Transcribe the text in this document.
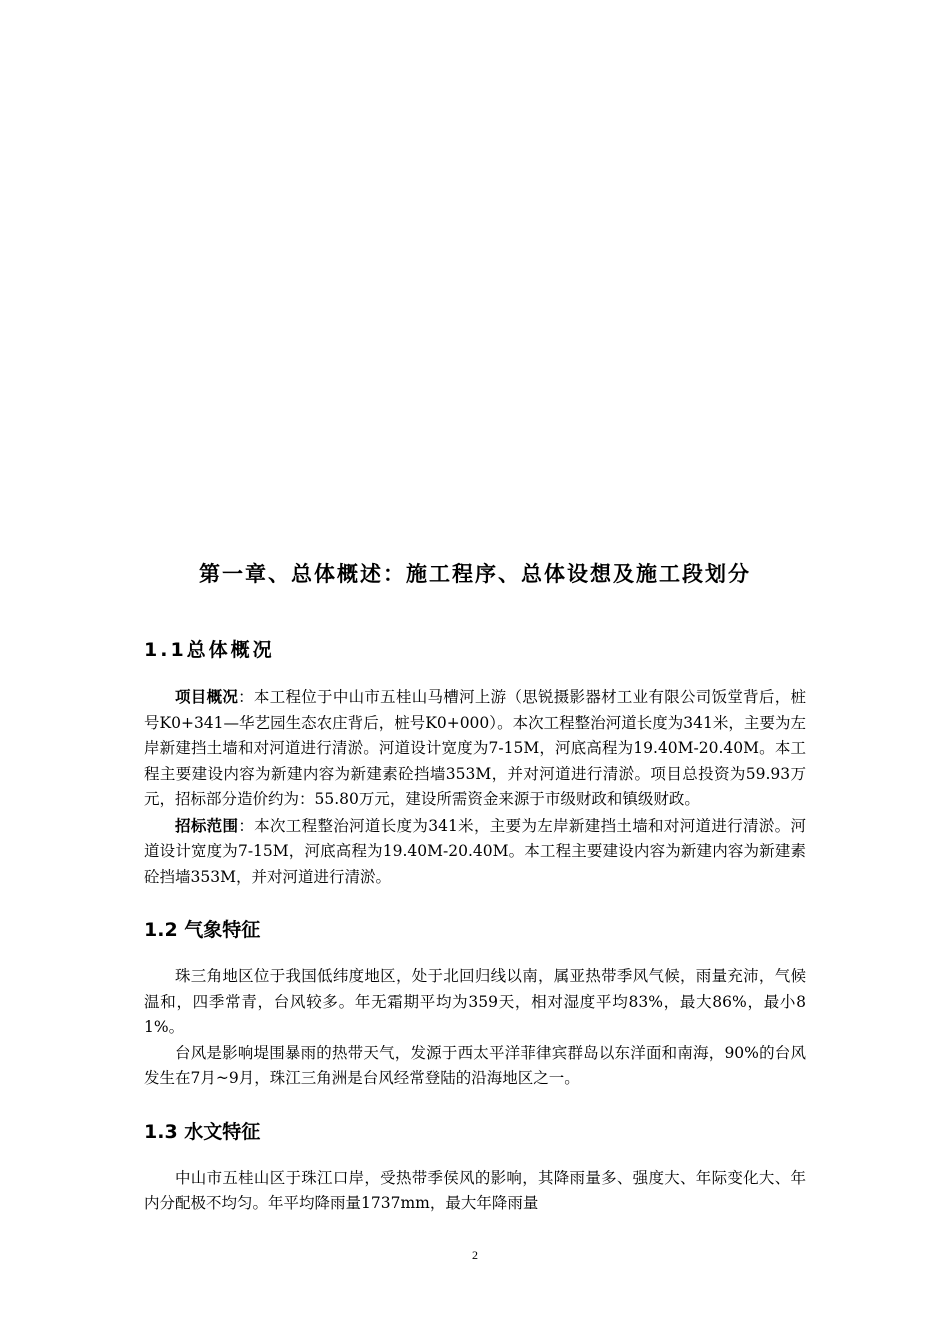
第一章、总体概述：施工程序、总体设想及施工段划分
1.1总体概况

项目概况：本工程位于中山市五桂山马槽河上游（思锐摄影器材工业有限公司饭堂背后，桩号K0+341—华艺园生态农庄背后，桩号K0+000）。本次工程整治河道长度为341米，主要为左岸新建挡土墙和对河道进行清淤。河道设计宽度为7-15M，河底高程为19.40M-20.40M。本工程主要建设内容为新建内容为新建素砼挡墙353M，并对河道进行清淤。项目总投资为59.93万元，招标部分造价约为：55.80万元，建设所需资金来源于市级财政和镇级财政。

招标范围：本次工程整治河道长度为341米，主要为左岸新建挡土墙和对河道进行清淤。河道设计宽度为7-15M，河底高程为19.40M-20.40M。本工程主要建设内容为新建内容为新建素砼挡墙353M，并对河道进行清淤。

1.2 气象特征

珠三角地区位于我国低纬度地区，处于北回归线以南，属亚热带季风气候，雨量充沛，气候温和，四季常青，台风较多。年无霜期平均为359天，相对湿度平均83%，最大86%，最小81%。

台风是影响堤围暴雨的热带天气，发源于西太平洋菲律宾群岛以东洋面和南海，90%的台风发生在7月~9月，珠江三角洲是台风经常登陆的沿海地区之一。

1.3 水文特征

中山市五桂山区于珠江口岸，受热带季侯风的影响，其降雨量多、强度大、年际变化大、年内分配极不均匀。年平均降雨量1737mm，最大年降雨量

2
